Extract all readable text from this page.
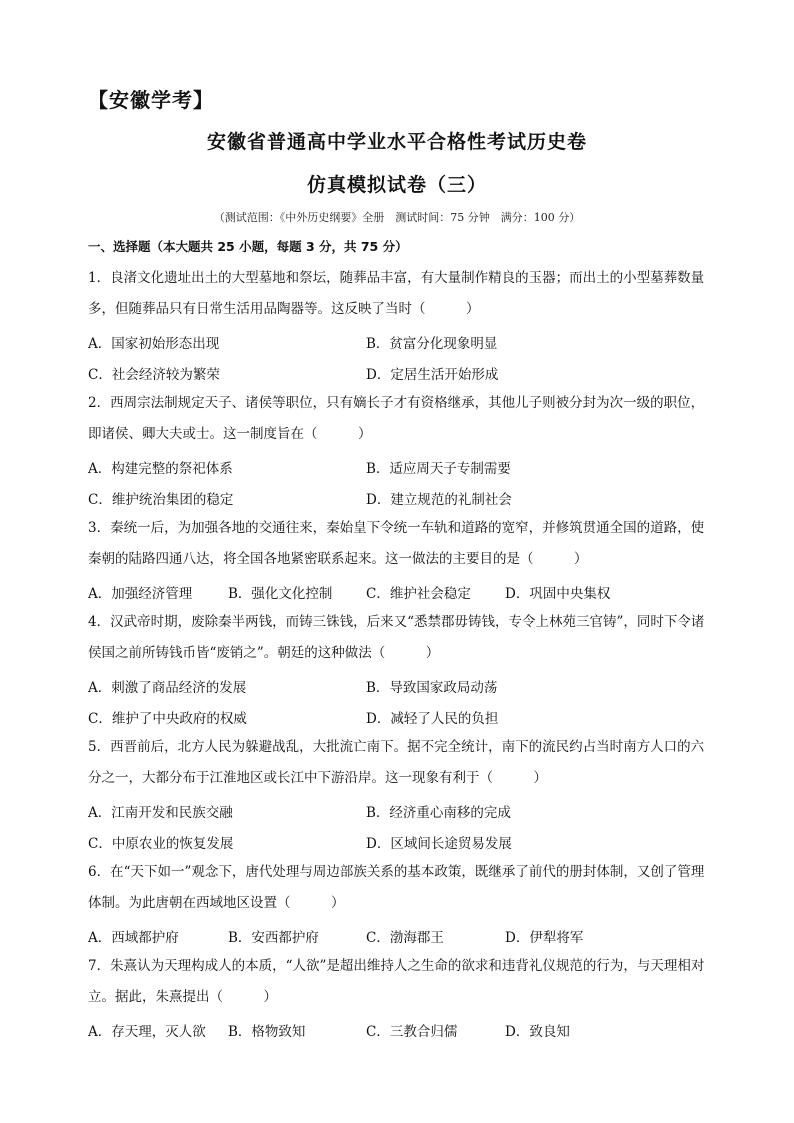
【安徽学考】
安徽省普通高中学业水平合格性考试历史卷
仿真模拟试卷（三）
（测试范围：《中外历史纲要》全册　测试时间：75 分钟　满分：100 分）
一、选择题（本大题共 25 小题，每题 3 分，共 75 分）
1．良渚文化遗址出土的大型墓地和祭坛，随葬品丰富，有大量制作精良的玉器；而出土的小型墓葬数量多，但随葬品只有日常生活用品陶器等。这反映了当时（　　　）
A．国家初始形态出现	B．贫富分化现象明显
C．社会经济较为繁荣	D．定居生活开始形成
2．西周宗法制规定天子、诸侯等职位，只有嫡长子才有资格继承，其他儿子则被分封为次一级的职位，即诸侯、卿大夫或士。这一制度旨在（　　　）
A．构建完整的祭祀体系	B．适应周天子专制需要
C．维护统治集团的稳定	D．建立规范的礼制社会
3．秦统一后，为加强各地的交通往来，秦始皇下令统一车轨和道路的宽窄，并修筑贯通全国的道路，使秦朝的陆路四通八达，将全国各地紧密联系起来。这一做法的主要目的是（　　　）
A．加强经济管理	B．强化文化控制 C．维护社会稳定	D．巩固中央集权
4．汉武帝时期，废除秦半两钱，而铸三铢钱，后来又“悉禁郡毋铸钱，专令上林苑三官铸”，同时下令诸侯国之前所铸钱币皆“废销之”。朝廷的这种做法（　　　）
A．刺激了商品经济的发展	B．导致国家政局动荡
C．维护了中央政府的权威	D．减轻了人民的负担
5．西晋前后，北方人民为躲避战乱，大批流亡南下。据不完全统计，南下的流民约占当时南方人口的六分之一，大都分布于江淮地区或长江中下游沿岸。这一现象有利于（　　　）
A．江南开发和民族交融	B．经济重心南移的完成
C．中原农业的恢复发展	D．区域间长途贸易发展
6．在“天下如一”观念下，唐代处理与周边部族关系的基本政策，既继承了前代的册封体制，又创了管理体制。为此唐朝在西域地区设置（　　　）
A．西域都护府	B．安西都护府	C．渤海郡王	D．伊犁将军
7．朱熹认为天理构成人的本质，“人欲”是超出维持人之生命的欲求和违背礼仪规范的行为，与天理相对立。据此，朱熹提出（　　　）
A．存天理，灭人欲 B．格物致知	C．三教合归儒	D．致良知
